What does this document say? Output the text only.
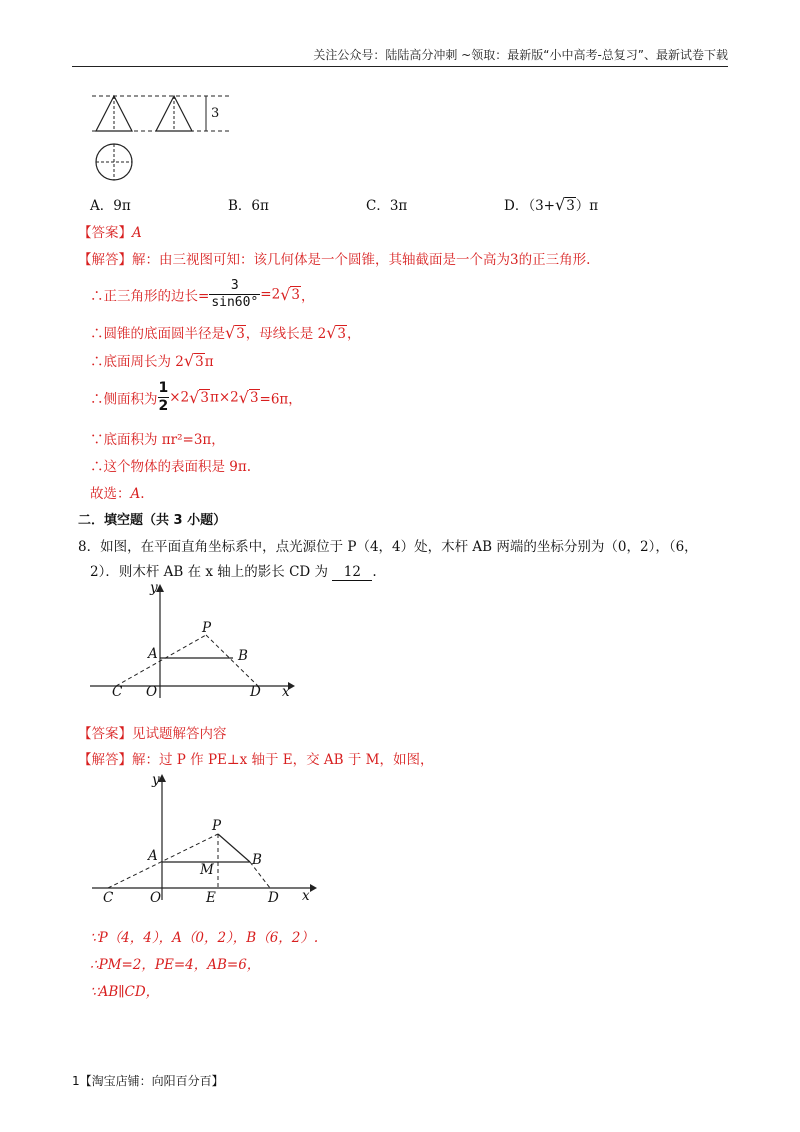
关注公众号：陆陆高分冲刺 ~领取：最新版“小中高考-总复习”、最新试卷下载
3
A．9π	B．6π	C．3π	D．（3+√3）π
【答案】A
【解答】解：由三视图可知：该几何体是一个圆锥，其轴截面是一个高为3的正三角形.
∴正三角形的边长= $\frac{3}{\sin 60^\circ} =2√3$，
∴圆锥的底面圆半径是√3，母线长是 2√3，
∴底面周长为 2√3π
∴侧面积为 $\frac{1}{2} \times 2√3\pi\times 2√3=6\pi$，
∵底面积为 πr²=3π，
∴这个物体的表面积是 9π.
故选：A.
二．填空题（共 3 小题）
8．如图，在平面直角坐标系中，点光源位于 P（4，4）处，木杆 AB 两端的坐标分别为（0，2），（6，
2）．则木杆 AB 在 x 轴上的影长 CD 为 12 .
y
x
P
A	B
C O	D
【答案】见试题解答内容
【解答】解：过 P 作 PE⊥x 轴于 E，交 AB 于 M，如图，
y
x
P
A	B
M
C	O	E	D
∵P（4，4），A（0，2），B（6，2）.
∴PM=2，PE=4，AB=6，
∵AB∥CD，
1【淘宝店铺：向阳百分百】
